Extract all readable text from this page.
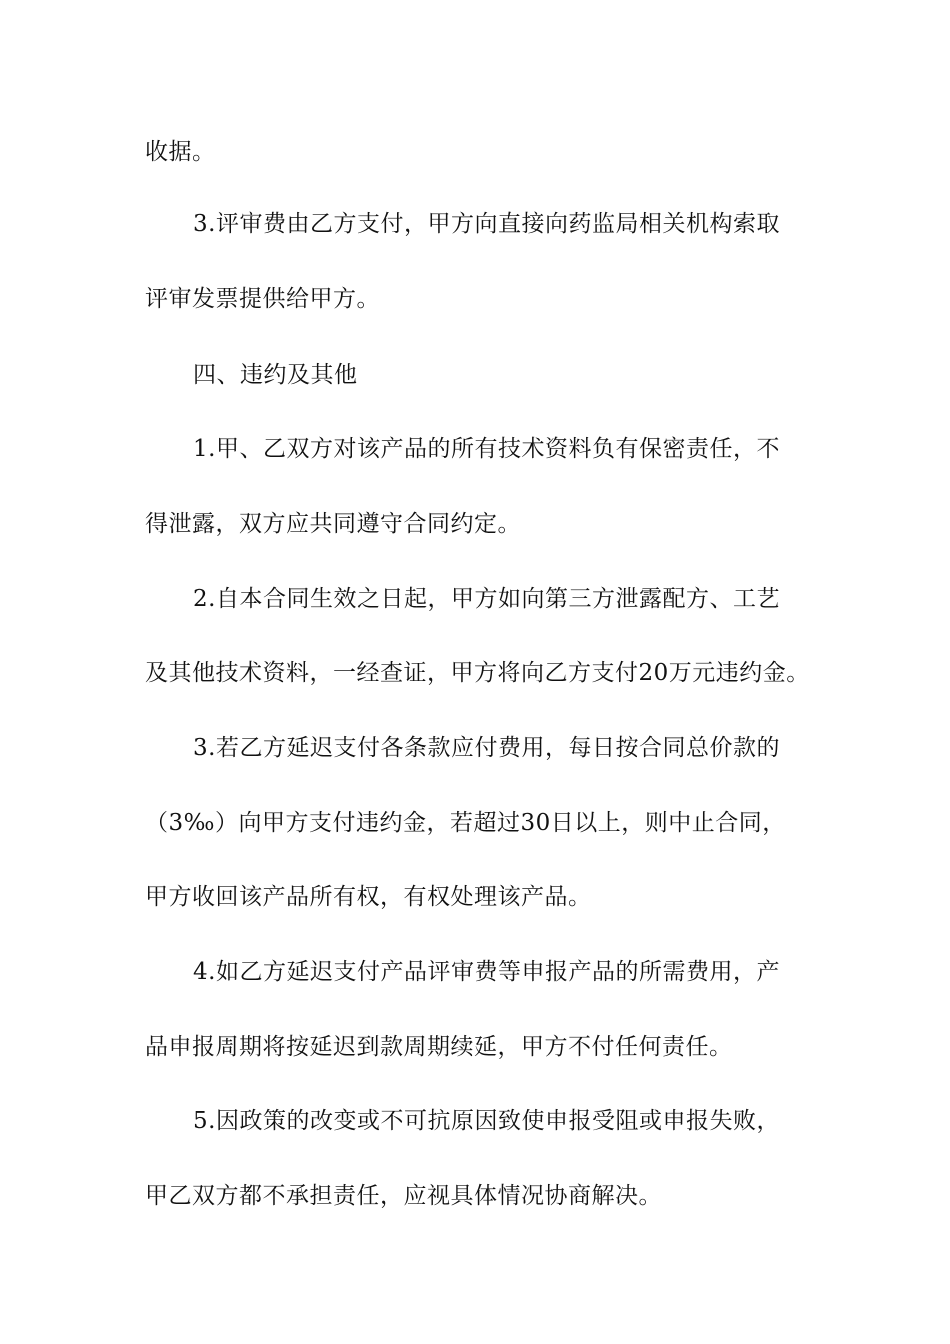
收据。
3.评审费由乙方支付，甲方向直接向药监局相关机构索取
评审发票提供给甲方。
四、违约及其他
1.甲、乙双方对该产品的所有技术资料负有保密责任，不
得泄露，双方应共同遵守合同约定。
2.自本合同生效之日起，甲方如向第三方泄露配方、工艺
及其他技术资料，一经查证，甲方将向乙方支付20万元违约金。
3.若乙方延迟支付各条款应付费用，每日按合同总价款的
（3‰）向甲方支付违约金，若超过30日以上，则中止合同，
甲方收回该产品所有权，有权处理该产品。
4.如乙方延迟支付产品评审费等申报产品的所需费用，产
品申报周期将按延迟到款周期续延，甲方不付任何责任。
5.因政策的改变或不可抗原因致使申报受阻或申报失败，
甲乙双方都不承担责任，应视具体情况协商解决。
